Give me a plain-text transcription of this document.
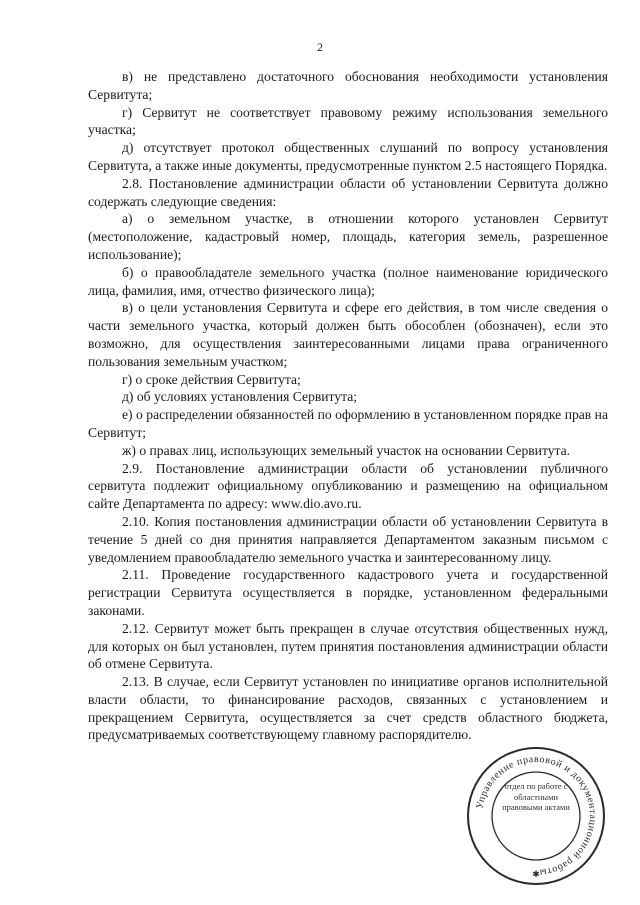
2

в) не представлено достаточного обоснования необходимости установления Сервитута;

г) Сервитут не соответствует правовому режиму использования земельного участка;

д) отсутствует протокол общественных слушаний по вопросу установления Сервитута, а также иные документы, предусмотренные пунктом 2.5 настоящего Порядка.

2.8. Постановление администрации области об установлении Сервитута должно содержать следующие сведения:

а) о земельном участке, в отношении которого установлен Сервитут (местоположение, кадастровый номер, площадь, категория земель, разрешенное использование);

б) о правообладателе земельного участка (полное наименование юридического лица, фамилия, имя, отчество физического лица);

в) о цели установления Сервитута и сфере его действия, в том числе сведения о части земельного участка, который должен быть обособлен (обозначен), если это возможно, для осуществления заинтересованными лицами права ограниченного пользования земельным участком;

г) о сроке действия Сервитута;

д) об условиях установления Сервитута;

е) о распределении обязанностей по оформлению в установленном порядке прав на Сервитут;

ж) о правах лиц, использующих земельный участок на основании Сервитута.

2.9. Постановление администрации области об установлении публичного сервитута подлежит официальному опубликованию и размещению на официальном сайте Департамента по адресу: www.dio.avo.ru.

2.10. Копия постановления администрации области об установлении Сервитута в течение 5 дней со дня принятия направляется Департаментом заказным письмом с уведомлением правообладателю земельного участка и заинтересованному лицу.

2.11. Проведение государственного кадастрового учета и государственной регистрации Сервитута осуществляется в порядке, установленном федеральными законами.

2.12. Сервитут может быть прекращен в случае отсутствия общественных нужд, для которых он был установлен, путем принятия постановления администрации области об отмене Сервитута.

2.13. В случае, если Сервитут установлен по инициативе органов исполнительной власти области, то финансирование расходов, связанных с установлением и прекращением Сервитута, осуществляется за счет средств областного бюджета, предусматриваемых соответствующему главному распорядителю.

Управление правовой и документационной работы
✱
отдел по работе с областными правовыми актами
